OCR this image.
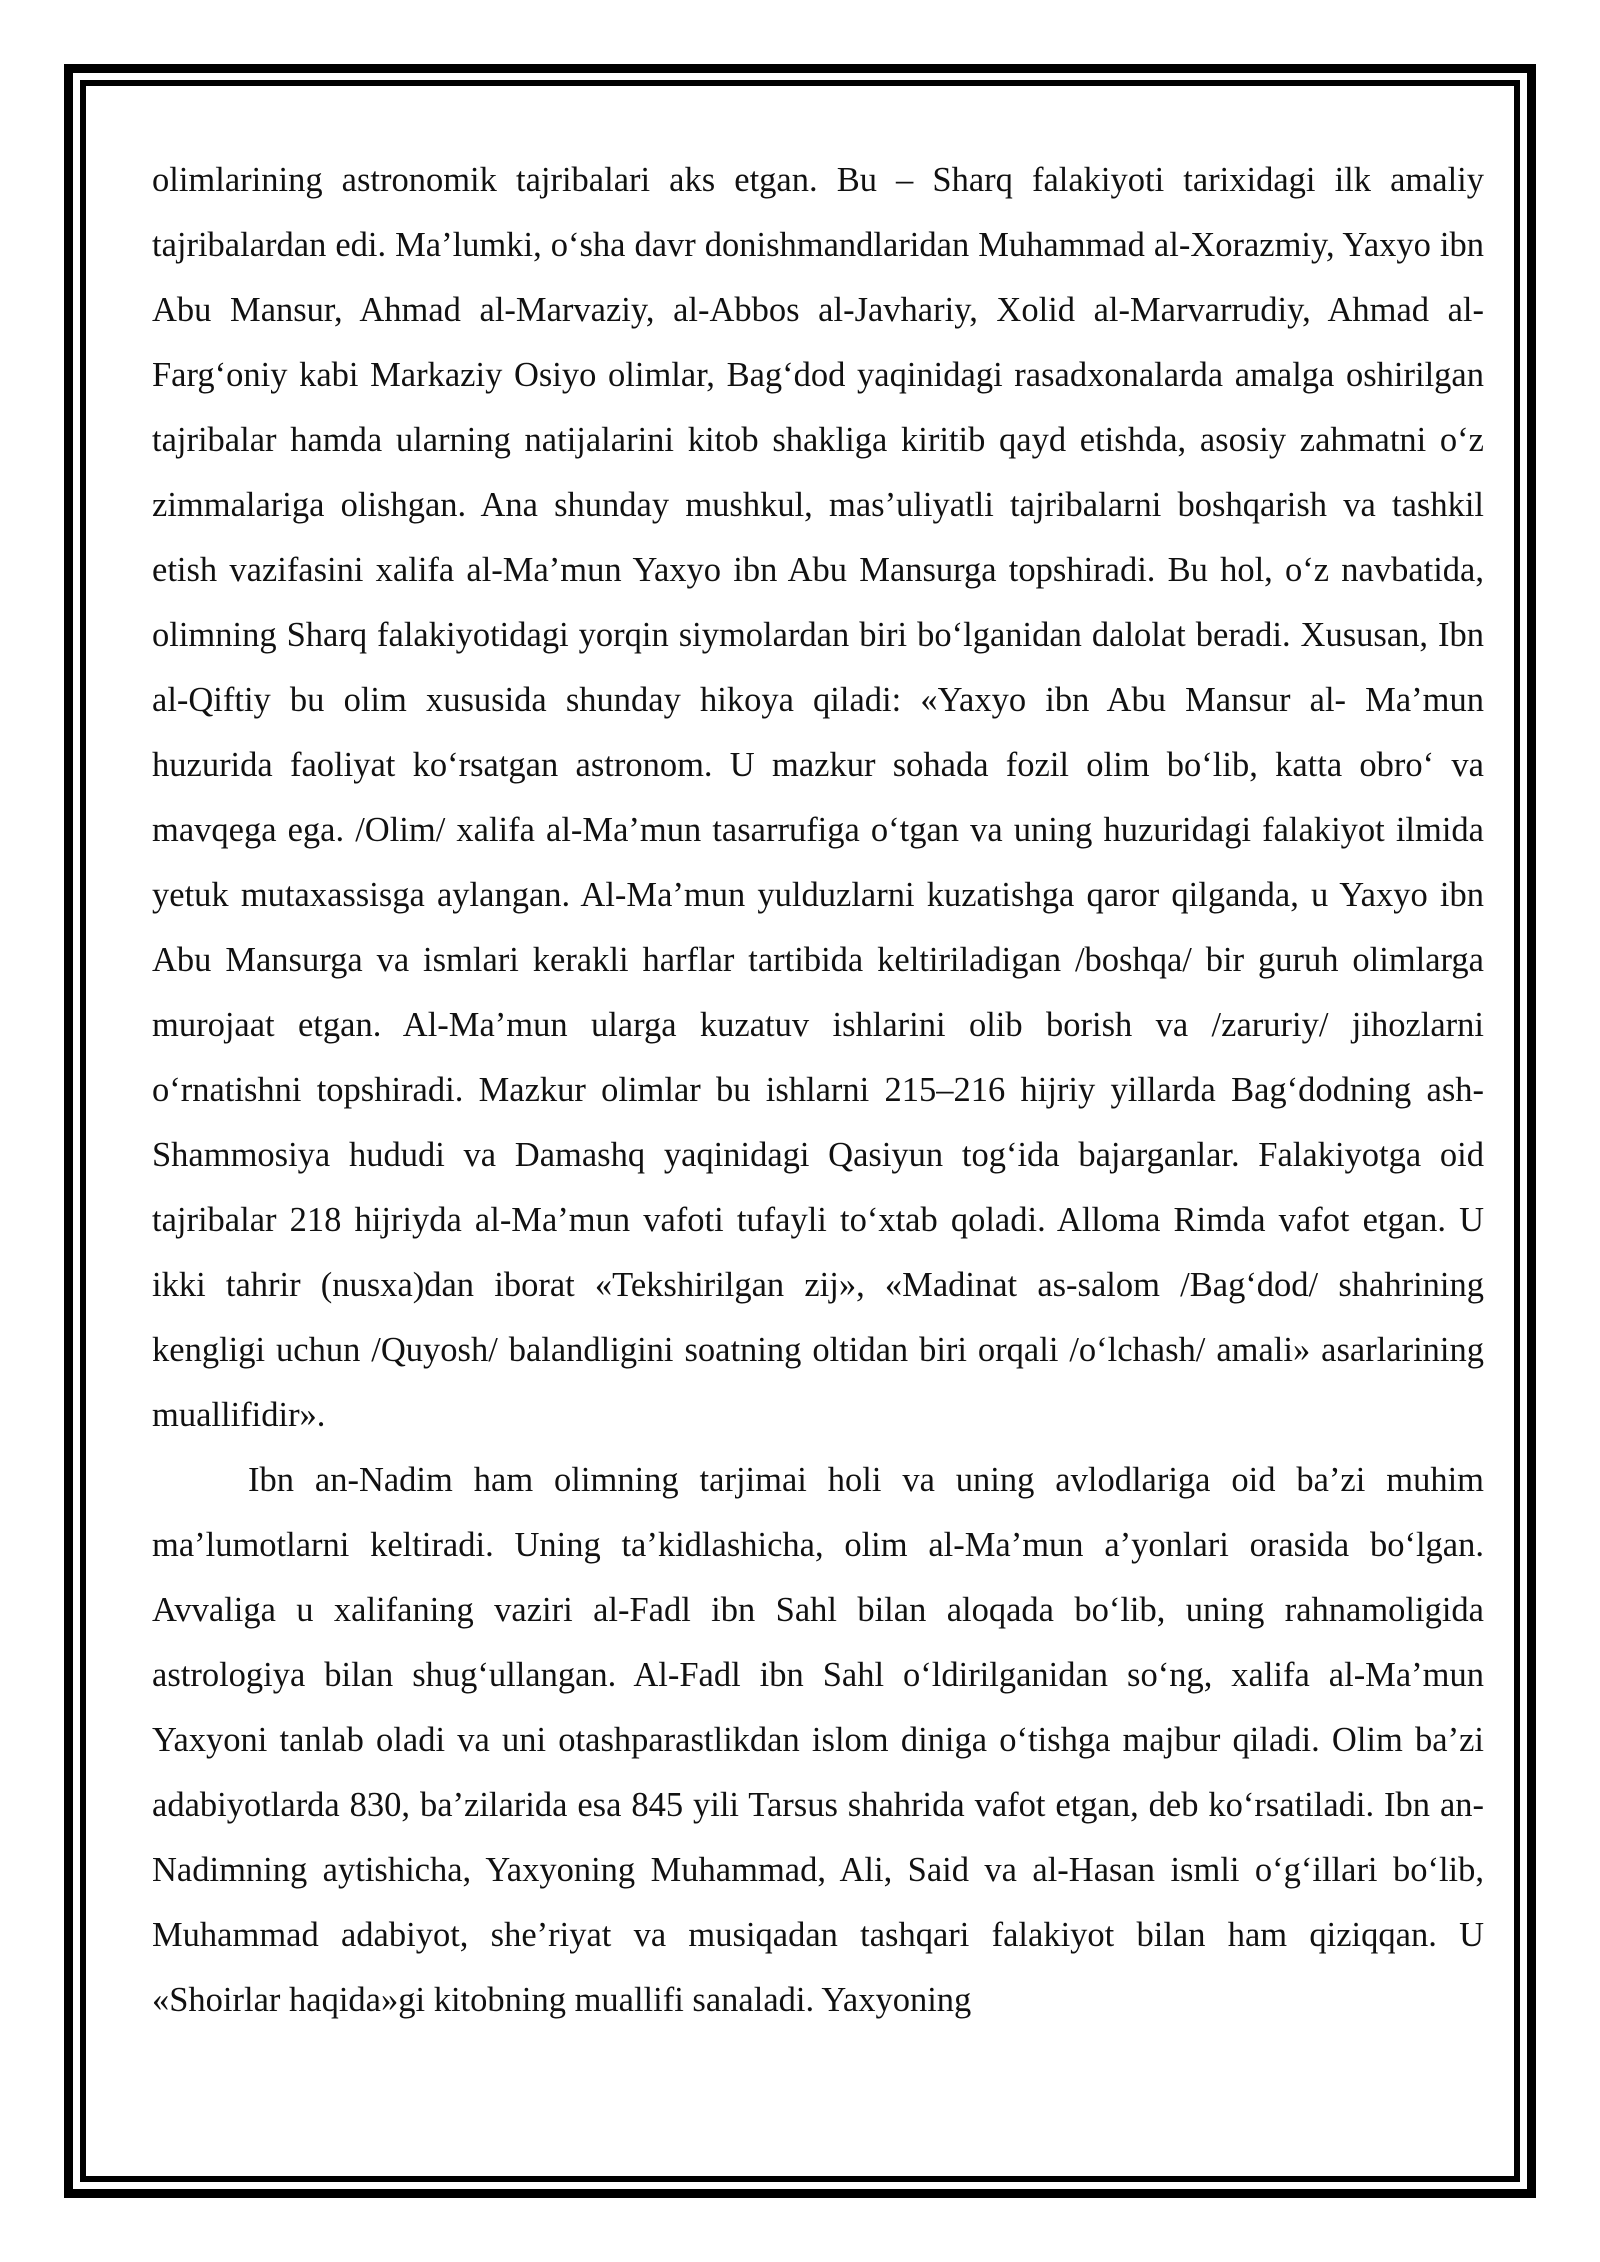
olimlarining astronomik tajribalari aks etgan. Bu – Sharq falakiyoti tarixidagi ilk amaliy tajribalardan edi. Ma’lumki, o‘sha davr donishmandlaridan Muhammad al-Xorazmiy, Yaxyo ibn Abu Mansur, Ahmad al-Marvaziy, al-Abbos al-Javhariy, Xolid al-Marvarrudiy, Ahmad al-Farg‘oniy kabi Markaziy Osiyo olimlar, Bag‘dod yaqinidagi rasadxonalarda amalga oshirilgan tajribalar hamda ularning natijalarini kitob shakliga kiritib qayd etishda, asosiy zahmatni o‘z zimmalariga olishgan. Ana shunday mushkul, mas’uliyatli tajribalarni boshqarish va tashkil etish vazifasini xalifa al-Ma’mun Yaxyo ibn Abu Mansurga topshiradi. Bu hol, o‘z navbatida, olimning Sharq falakiyotidagi yorqin siymolardan biri bo‘lganidan dalolat beradi. Xususan, Ibn al-Qiftiy bu olim xususida shunday hikoya qiladi: «Yaxyo ibn Abu Mansur al- Ma’mun huzurida faoliyat ko‘rsatgan astronom. U mazkur sohada fozil olim bo‘lib, katta obro‘ va mavqega ega. /Olim/ xalifa al-Ma’mun tasarrufiga o‘tgan va uning huzuridagi falakiyot ilmida yetuk mutaxassisga aylangan. Al-Ma’mun yulduzlarni kuzatishga qaror qilganda, u Yaxyo ibn Abu Mansurga va ismlari kerakli harflar tartibida keltiriladigan /boshqa/ bir guruh olimlarga murojaat etgan. Al-Ma’mun ularga kuzatuv ishlarini olib borish va /zaruriy/ jihozlarni o‘rnatishni topshiradi. Mazkur olimlar bu ishlarni 215–216 hijriy yillarda Bag‘dodning ash-Shammosiya hududi va Damashq yaqinidagi Qasiyun tog‘ida bajarganlar. Falakiyotga oid tajribalar 218 hijriyda al-Ma’mun vafoti tufayli to‘xtab qoladi. Alloma Rimda vafot etgan. U ikki tahrir (nusxa)dan iborat «Tekshirilgan zij», «Madinat as-salom /Bag‘dod/ shahrining kengligi uchun /Quyosh/ balandligini soatning oltidan biri orqali /o‘lchash/ amali» asarlarining muallifidir».

Ibn an-Nadim ham olimning tarjimai holi va uning avlodlariga oid ba’zi muhim ma’lumotlarni keltiradi. Uning ta’kidlashicha, olim al-Ma’mun a’yonlari orasida bo‘lgan. Avvaliga u xalifaning vaziri al-Fadl ibn Sahl bilan aloqada bo‘lib, uning rahnamoligida astrologiya bilan shug‘ullangan. Al-Fadl ibn Sahl o‘ldirilganidan so‘ng, xalifa al-Ma’mun Yaxyoni tanlab oladi va uni otashparastlikdan islom diniga o‘tishga majbur qiladi. Olim ba’zi adabiyotlarda 830, ba’zilarida esa 845 yili Tarsus shahrida vafot etgan, deb ko‘rsatiladi. Ibn an-Nadimning aytishicha, Yaxyoning Muhammad, Ali, Said va al-Hasan ismli o‘g‘illari bo‘lib, Muhammad adabiyot, she’riyat va musiqadan tashqari falakiyot bilan ham qiziqqan. U «Shoirlar haqida»gi kitobning muallifi sanaladi. Yaxyoning
